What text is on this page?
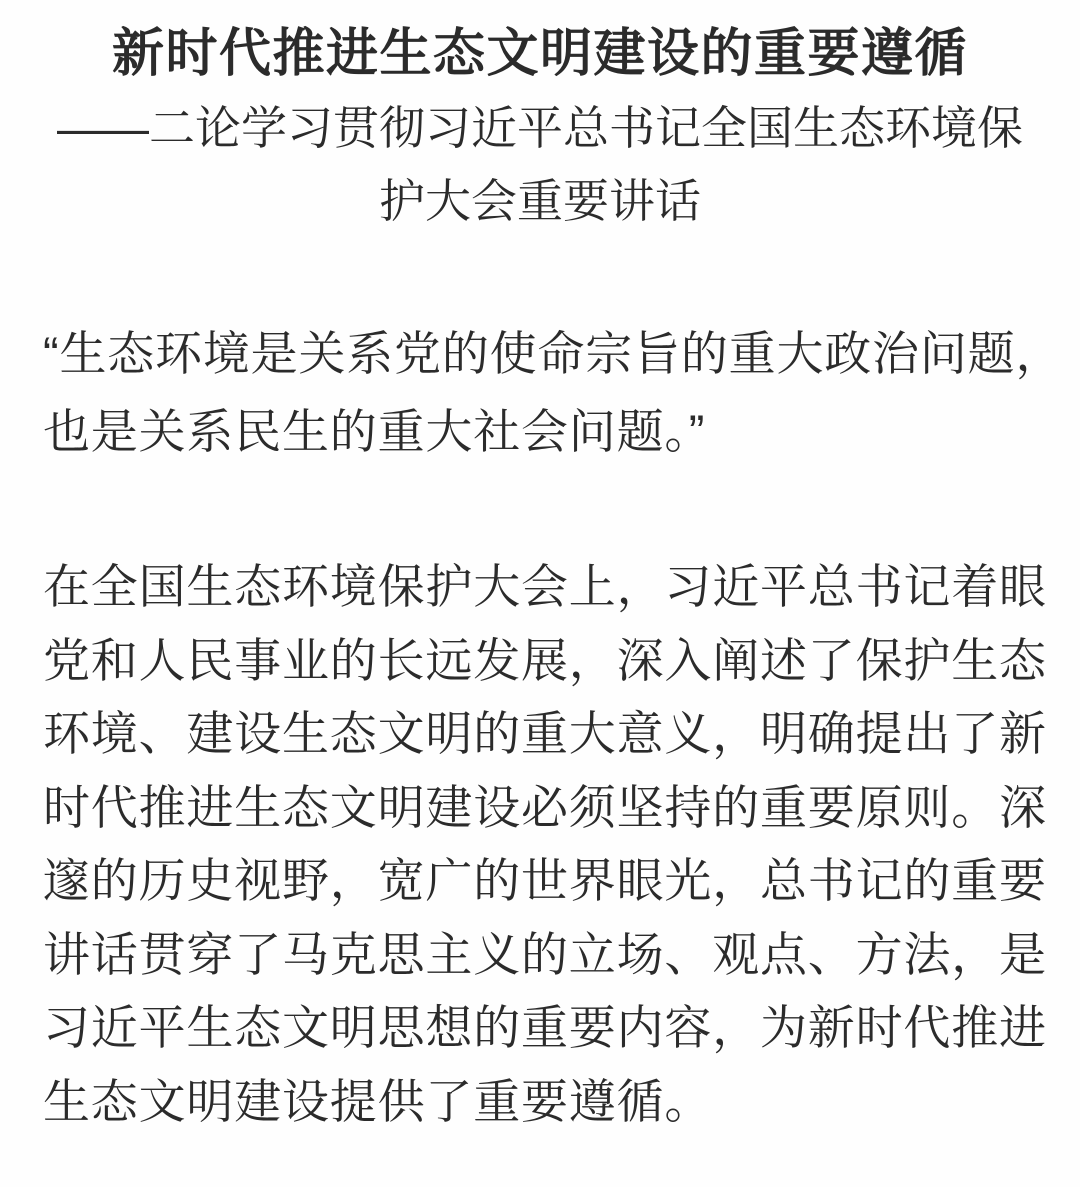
新时代推进生态文明建设的重要遵循
——二论学习贯彻习近平总书记全国生态环境保
护大会重要讲话
“生态环境是关系党的使命宗旨的重大政治问题，
也是关系民生的重大社会问题。”
在全国生态环境保护大会上，习近平总书记着眼
党和人民事业的长远发展，深入阐述了保护生态
环境、建设生态文明的重大意义，明确提出了新
时代推进生态文明建设必须坚持的重要原则。深
邃的历史视野，宽广的世界眼光，总书记的重要
讲话贯穿了马克思主义的立场、观点、方法，是
习近平生态文明思想的重要内容，为新时代推进
生态文明建设提供了重要遵循。
